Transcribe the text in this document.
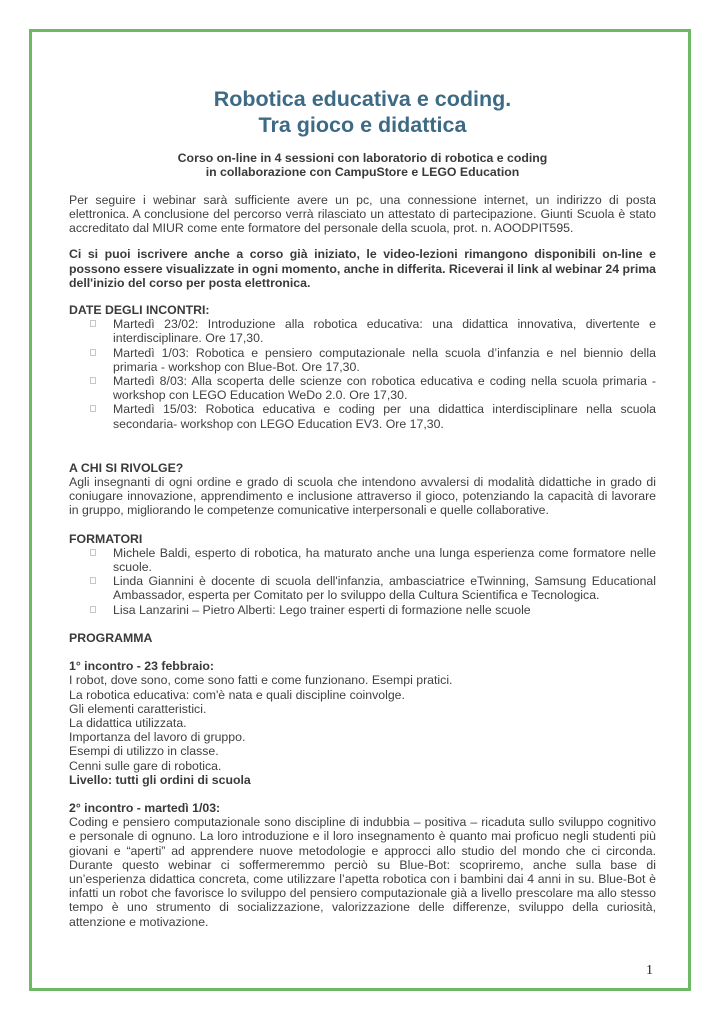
Robotica educativa e coding.
Tra gioco e didattica
Corso on-line in 4 sessioni con laboratorio di robotica e coding
in collaborazione con CampuStore e LEGO Education

Per seguire i webinar sarà sufficiente avere un pc, una connessione internet, un indirizzo di posta elettronica. A conclusione del percorso verrà rilasciato un attestato di partecipazione. Giunti Scuola è stato accreditato dal MIUR come ente formatore del personale della scuola, prot. n. AOODPIT595.

Ci si puoi iscrivere anche a corso già iniziato, le video-lezioni rimangono disponibili on-line e possono essere visualizzate in ogni momento, anche in differita. Riceverai il link al webinar 24 prima dell'inizio del corso per posta elettronica.

DATE DEGLI INCONTRI:
Martedì 23/02: Introduzione alla robotica educativa: una didattica innovativa, divertente e interdisciplinare. Ore 17,30.
Martedì 1/03: Robotica e pensiero computazionale nella scuola d’infanzia e nel biennio della primaria - workshop con Blue-Bot. Ore 17,30.
Martedì 8/03: Alla scoperta delle scienze con robotica educativa e coding nella scuola primaria - workshop con LEGO Education WeDo 2.0. Ore 17,30.
Martedì 15/03: Robotica educativa e coding per una didattica interdisciplinare nella scuola secondaria- workshop con LEGO Education EV3. Ore 17,30.
A CHI SI RIVOLGE?

Agli insegnanti di ogni ordine e grado di scuola che intendono avvalersi di modalità didattiche in grado di coniugare innovazione, apprendimento e inclusione attraverso il gioco, potenziando la capacità di lavorare in gruppo, migliorando le competenze comunicative interpersonali e quelle collaborative.

FORMATORI
Michele Baldi, esperto di robotica, ha maturato anche una lunga esperienza come formatore nelle scuole.
Linda Giannini è docente di scuola dell'infanzia, ambasciatrice eTwinning, Samsung Educational Ambassador, esperta per Comitato per lo sviluppo della Cultura Scientifica e Tecnologica.
Lisa Lanzarini – Pietro Alberti: Lego trainer esperti di formazione nelle scuole
PROGRAMMA
1° incontro - 23 febbraio:
I robot, dove sono, come sono fatti e come funzionano. Esempi pratici.
La robotica educativa: com'è nata e quali discipline coinvolge.
Gli elementi caratteristici.
La didattica utilizzata.
Importanza del lavoro di gruppo.
Esempi di utilizzo in classe.
Cenni sulle gare di robotica.
Livello: tutti gli ordini di scuola
2° incontro - martedì 1/03:

Coding e pensiero computazionale sono discipline di indubbia – positiva – ricaduta sullo sviluppo cognitivo e personale di ognuno. La loro introduzione e il loro insegnamento è quanto mai proficuo negli studenti più giovani e “aperti” ad apprendere nuove metodologie e approcci allo studio del mondo che ci circonda. Durante questo webinar ci soffermeremmo perciò su Blue-Bot: scopriremo, anche sulla base di un’esperienza didattica concreta, come utilizzare l’apetta robotica con i bambini dai 4 anni in su. Blue-Bot è infatti un robot che favorisce lo sviluppo del pensiero computazionale già a livello prescolare ma allo stesso tempo è uno strumento di socializzazione, valorizzazione delle differenze, sviluppo della curiosità, attenzione e motivazione.

1
